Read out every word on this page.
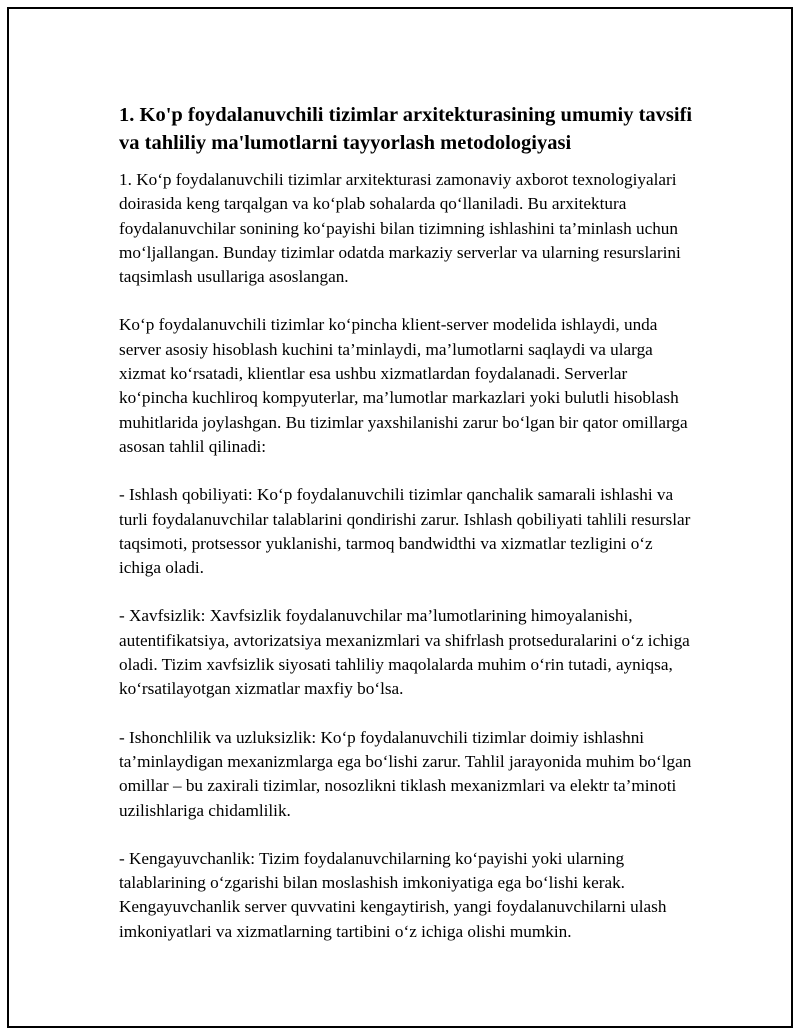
1. Ko'p foydalanuvchili tizimlar arxitekturasining umumiy tavsifi va tahliliy ma'lumotlarni tayyorlash metodologiyasi

1. Ko‘p foydalanuvchili tizimlar arxitekturasi zamonaviy axborot texnologiyalari doirasida keng tarqalgan va ko‘plab sohalarda qo‘llaniladi. Bu arxitektura foydalanuvchilar sonining ko‘payishi bilan tizimning ishlashini ta’minlash uchun mo‘ljallangan. Bunday tizimlar odatda markaziy serverlar va ularning resurslarini taqsimlash usullariga asoslangan.

Ko‘p foydalanuvchili tizimlar ko‘pincha klient-server modelida ishlaydi, unda server asosiy hisoblash kuchini ta’minlaydi, ma’lumotlarni saqlaydi va ularga xizmat ko‘rsatadi, klientlar esa ushbu xizmatlardan foydalanadi. Serverlar ko‘pincha kuchliroq kompyuterlar, ma’lumotlar markazlari yoki bulutli hisoblash muhitlarida joylashgan. Bu tizimlar yaxshilanishi zarur bo‘lgan bir qator omillarga asosan tahlil qilinadi:

- Ishlash qobiliyati: Ko‘p foydalanuvchili tizimlar qanchalik samarali ishlashi va turli foydalanuvchilar talablarini qondirishi zarur. Ishlash qobiliyati tahlili resurslar taqsimoti, protsessor yuklanishi, tarmoq bandwidthi va xizmatlar tezligini o‘z ichiga oladi.

- Xavfsizlik: Xavfsizlik foydalanuvchilar ma’lumotlarining himoyalanishi, autentifikatsiya, avtorizatsiya mexanizmlari va shifrlash protseduralarini o‘z ichiga oladi. Tizim xavfsizlik siyosati tahliliy maqolalarda muhim o‘rin tutadi, ayniqsa, ko‘rsatilayotgan xizmatlar maxfiy bo‘lsa.

- Ishonchlilik va uzluksizlik: Ko‘p foydalanuvchili tizimlar doimiy ishlashni ta’minlaydigan mexanizmlarga ega bo‘lishi zarur. Tahlil jarayonida muhim bo‘lgan omillar – bu zaxirali tizimlar, nosozlikni tiklash mexanizmlari va elektr ta’minoti uzilishlariga chidamlilik.

- Kengayuvchanlik: Tizim foydalanuvchilarning ko‘payishi yoki ularning talablarining o‘zgarishi bilan moslashish imkoniyatiga ega bo‘lishi kerak. Kengayuvchanlik server quvvatini kengaytirish, yangi foydalanuvchilarni ulash imkoniyatlari va xizmatlarning tartibini o‘z ichiga olishi mumkin.
